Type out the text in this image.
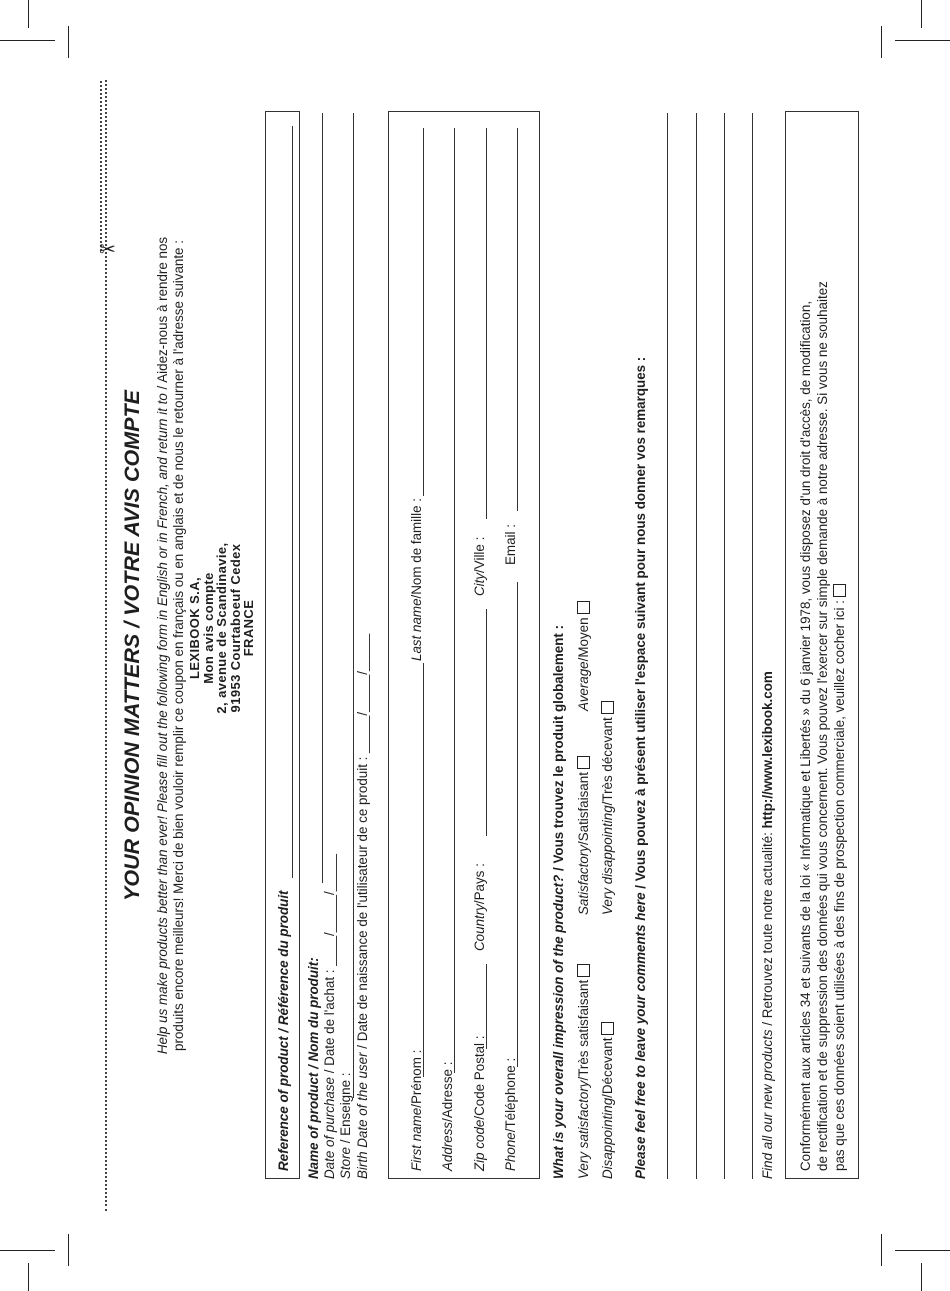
✂
YOUR OPINION MATTERS / VOTRE AVIS COMPTE Help us make products better than ever! Please fill out the following form in English or in French, and return it to / Aidez-nous à rendre nos produits encore meilleurs! Merci de bien vouloir remplir ce coupon en français ou en anglais et de nous le retourner à l'adresse suivante : LEXIBOOK S.A,
Mon avis compte
2, avenue de Scandinavie,
91953 Courtaboeuf Cedex
FRANCE
Reference of product / Référence du produit Name of product / Nom du produit: Date of purchase / Date de l'achat : ____/_____/_____
Store / Enseigne : Birth Date of the user / Date de naissance de l'utilisateur de ce produit : _____/_____/_____
First name/Prénom :
Last name/Nom de famille :
Address/Adresse :
Zip code/Code Postal :
Country/Pays :
City/Ville :
Phone/Téléphone :
Email :
What is your overall impression of the product? / Vous trouvez le produit globalement :
Very satisfactory/Très satisfaisant
Satisfactory/Satisfaisant
Average/Moyen
Disappointing/Décevant
Very disappointing/Très décevant
Please feel free to leave your comments here / Vous pouvez à présent utiliser l'espace suivant pour nous donner vos remarques :
Find all our new products / Retrouvez toute notre actualité: http://www.lexibook.com Conformément aux articles 34 et suivants de la loi « Informatique et Libertés » du 6 janvier 1978, vous disposez d'un droit d'accès, de modification, de rectification et de suppression des données qui vous concernent. Vous pouvez l'exercer sur simple demande à notre adresse. Si vous ne souhaitez pas que ces données soient utilisées à des fins de prospection commerciale, veuillez cocher ici :
